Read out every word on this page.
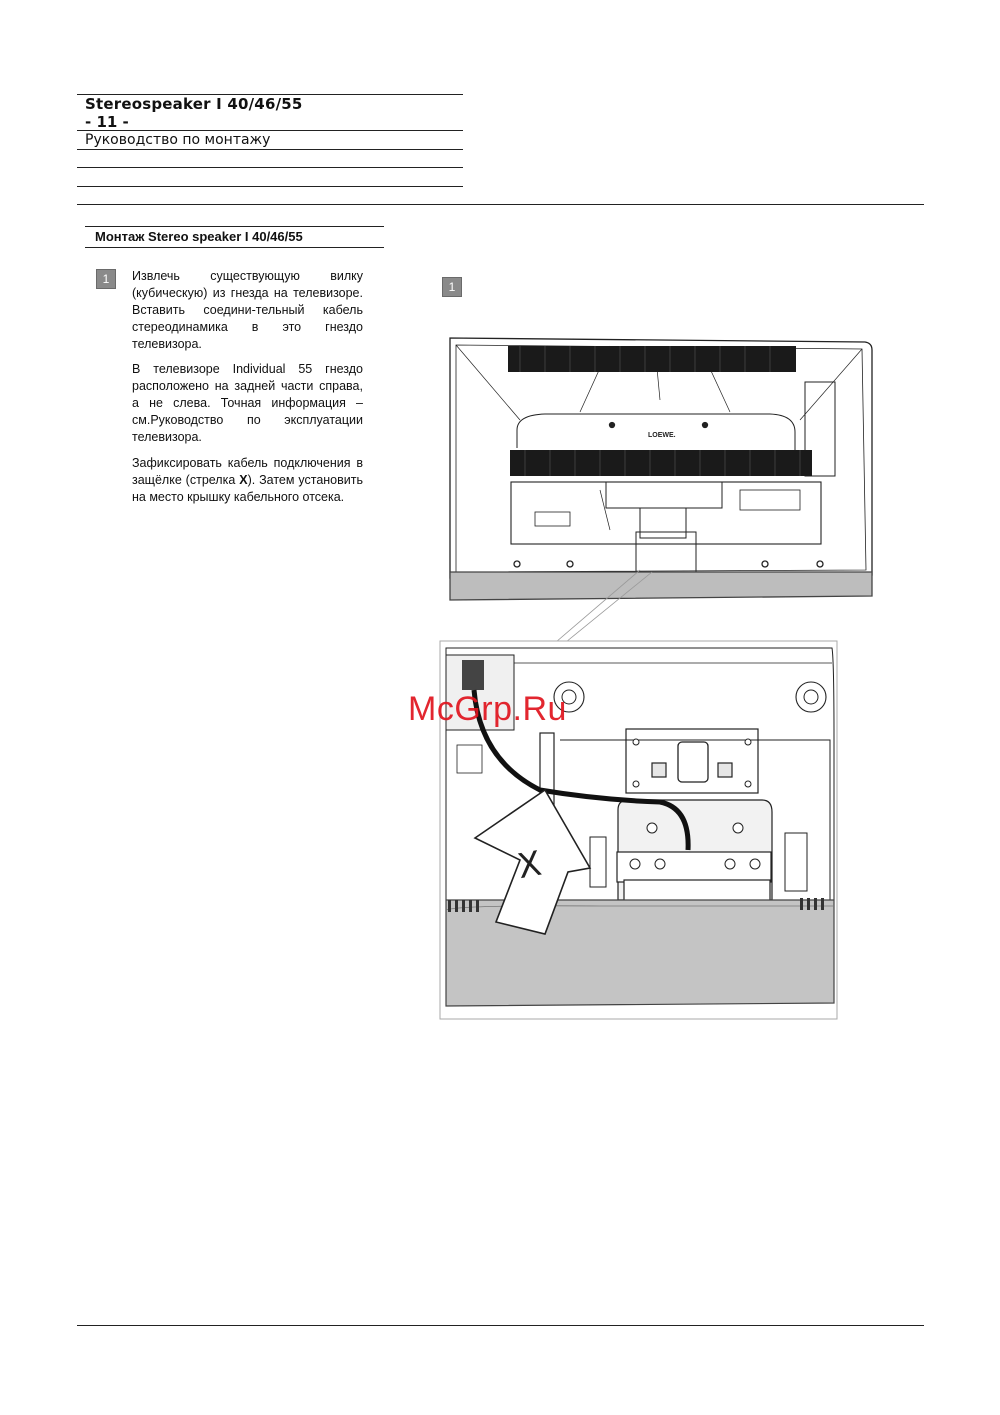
Stereospeaker I 40/46/55
- 11 -
Руководство по монтажу
Монтаж Stereo speaker I 40/46/55
1	Извлечь существующую вилку (кубическую) из гнезда на телевизоре. Вставить соедини-тельный кабель стереодинамика в это гнездо телевизора.

В телевизоре Individual 55 гнездо расположено на задней части справа, а не слева. Точная информация – см.Руководство по эксплуатации телевизора.

Зафиксировать кабель подключения в защёлке (стрелка X). Затем установить на место крышку кабельного отсека.

1
LOEWE.
X
McGrp.Ru
